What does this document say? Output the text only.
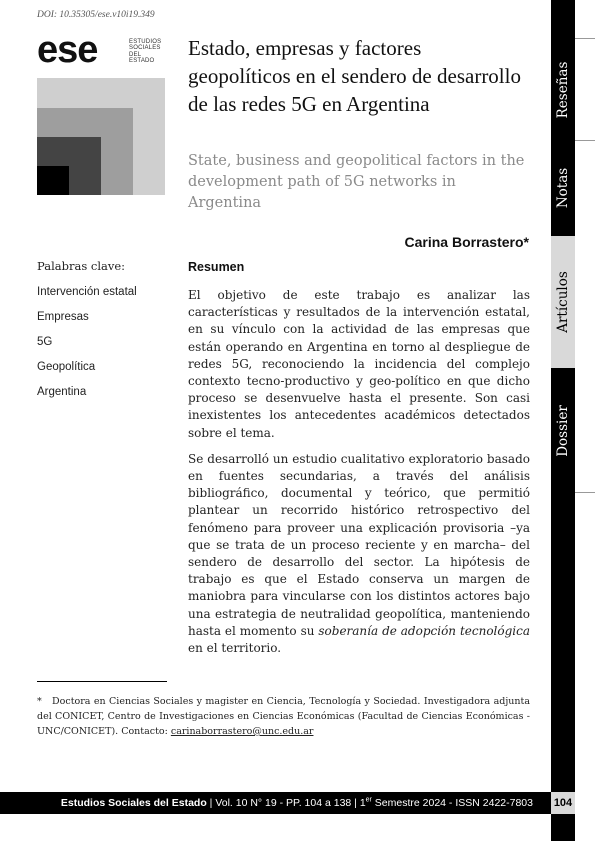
DOI: 10.35305/ese.v10i19.349
ese	ESTUDIOS
SOCIALES
DEL
ESTADO
Estado, empresas y factores geopolíticos en el sendero de desarrollo de las redes 5G en Argentina
State, business and geopolitical factors in the development path of 5G networks in Argentina
Carina Borrastero*
Palabras clave:
Intervención estatal
Empresas
5G
Geopolítica
Argentina
Resumen

El objetivo de este trabajo es analizar las características y resultados de la intervención estatal, en su vínculo con la actividad de las empresas que están operando en Argentina en torno al despliegue de redes 5G, reconociendo la incidencia del complejo contexto tecno-productivo y geo-político en que dicho proceso se desenvuelve hasta el presente. Son casi inexistentes los antecedentes académicos detectados sobre el tema.

Se desarrolló un estudio cualitativo exploratorio basado en fuentes secundarias, a través del análisis bibliográfico, documental y teórico, que permitió plantear un recorrido histórico retrospectivo del fenómeno para proveer una explicación provisoria –ya que se trata de un proceso reciente y en marcha– del sendero de desarrollo del sector. La hipótesis de trabajo es que el Estado conserva un margen de maniobra para vincularse con los distintos actores bajo una estrategia de neutralidad geopolítica, manteniendo hasta el momento su soberanía de adopción tecnológica en el territorio.

* Doctora en Ciencias Sociales y magister en Ciencia, Tecnología y Sociedad. Investigadora adjunta del CONICET, Centro de Investigaciones en Ciencias Económicas (Facultad de Ciencias Económicas - UNC/CONICET). Contacto: carinaborrastero@unc.edu.ar
Estudios Sociales del Estado | Vol. 10 N° 19 - PP. 104 a 138 | 1er Semestre 2024 - ISSN 2422-7803
Reseñas
Notas
Artículos
Dossier
104
